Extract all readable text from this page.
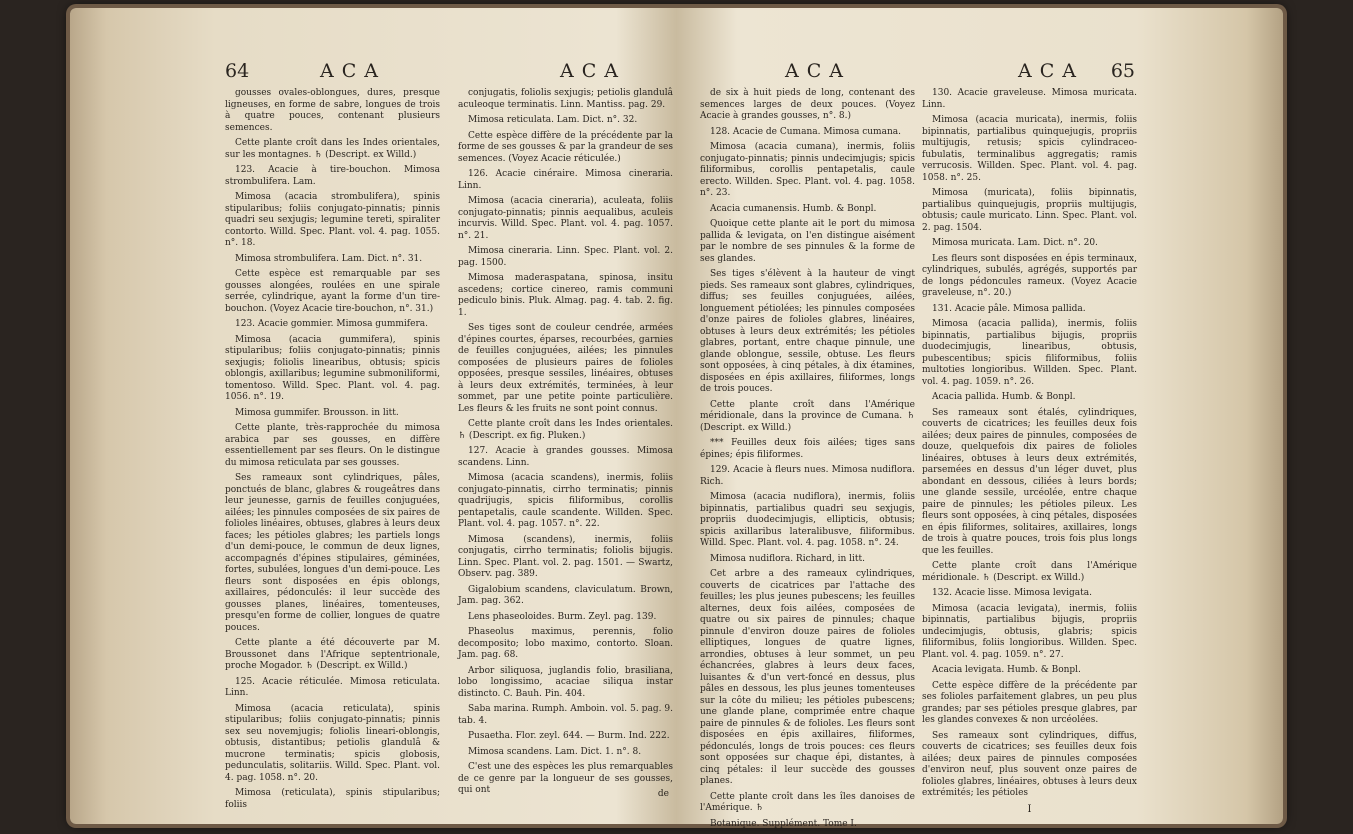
64	ACA	ACA

gousses ovales-oblongues, dures, presque ligneuses, en forme de sabre, longues de trois à quatre pouces, contenant plusieurs semences.

Cette plante croît dans les Indes orientales, sur les montagnes. ♄ (Descript. ex Willd.)

123. Acacie à tire-bouchon. Mimosa strombulifera. Lam.

Mimosa (acacia strombulifera), spinis stipularibus; foliis conjugato-pinnatis; pinnis quadri seu sexjugis; legumine tereti, spiraliter contorto. Willd. Spec. Plant. vol. 4. pag. 1055. n°. 18.

Mimosa strombulifera. Lam. Dict. n°. 31.

Cette espèce est remarquable par ses gousses alongées, roulées en une spirale serrée, cylindrique, ayant la forme d'un tire-bouchon. (Voyez Acacie tire-bouchon, n°. 31.)

123. Acacie gommier. Mimosa gummifera.

Mimosa (acacia gummifera), spinis stipularibus; foliis conjugato-pinnatis; pinnis sexjugis; foliolis linearibus, obtusis; spicis oblongis, axillaribus; legumine submoniliformi, tomentoso. Willd. Spec. Plant. vol. 4. pag. 1056. n°. 19.

Mimosa gummifer. Brousson. in litt.

Cette plante, très-rapprochée du mimosa arabica par ses gousses, en diffère essentiellement par ses fleurs. On le distingue du mimosa reticulata par ses gousses.

Ses rameaux sont cylindriques, pâles, ponctués de blanc, glabres & rougeâtres dans leur jeunesse, garnis de feuilles conjuguées, ailées; les pinnules composées de six paires de folioles linéaires, obtuses, glabres à leurs deux faces; les pétioles glabres; les partiels longs d'un demi-pouce, le commun de deux lignes, accompagnés d'épines stipulaires, géminées, fortes, subulées, longues d'un demi-pouce. Les fleurs sont disposées en épis oblongs, axillaires, pédonculés: il leur succède des gousses planes, linéaires, tomenteuses, presqu'en forme de collier, longues de quatre pouces.

Cette plante a été découverte par M. Broussonet dans l'Afrique septentrionale, proche Mogador. ♄ (Descript. ex Willd.)

125. Acacie réticulée. Mimosa reticulata. Linn.

Mimosa (acacia reticulata), spinis stipularibus; foliis conjugato-pinnatis; pinnis sex seu novemjugis; foliolis lineari-oblongis, obtusis, distantibus; petiolis glandulâ & mucrone terminatis; spicis globosis, pedunculatis, solitariis. Willd. Spec. Plant. vol. 4. pag. 1058. n°. 20.

Mimosa (reticulata), spinis stipularibus; foliis

conjugatis, foliolis sexjugis; petiolis glandulâ aculeoque terminatis. Linn. Mantiss. pag. 29.

Mimosa reticulata. Lam. Dict. n°. 32.

Cette espèce diffère de la précédente par la forme de ses gousses & par la grandeur de ses semences. (Voyez Acacie réticulée.)

126. Acacie cinéraire. Mimosa cineraria. Linn.

Mimosa (acacia cineraria), aculeata, foliis conjugato-pinnatis; pinnis aequalibus, aculeis incurvis. Willd. Spec. Plant. vol. 4. pag. 1057. n°. 21.

Mimosa cineraria. Linn. Spec. Plant. vol. 2. pag. 1500.

Mimosa maderaspatana, spinosa, insitu ascedens; cortice cinereo, ramis communi pediculo binis. Pluk. Almag. pag. 4. tab. 2. fig. 1.

Ses tiges sont de couleur cendrée, armées d'épines courtes, éparses, recourbées, garnies de feuilles conjuguées, ailées; les pinnules composées de plusieurs paires de folioles opposées, presque sessiles, linéaires, obtuses à leurs deux extrémités, terminées, à leur sommet, par une petite pointe particulière. Les fleurs & les fruits ne sont point connus.

Cette plante croît dans les Indes orientales. ♄ (Descript. ex fig. Pluken.)

127. Acacie à grandes gousses. Mimosa scandens. Linn.

Mimosa (acacia scandens), inermis, foliis conjugato-pinnatis, cirrho terminatis; pinnis quadrijugis, spicis filiformibus, corollis pentapetalis, caule scandente. Willden. Spec. Plant. vol. 4. pag. 1057. n°. 22.

Mimosa (scandens), inermis, foliis conjugatis, cirrho terminatis; foliolis bijugis. Linn. Spec. Plant. vol. 2. pag. 1501. — Swartz, Observ. pag. 389.

Gigalobium scandens, claviculatum. Brown, Jam. pag. 362.

Lens phaseoloides. Burm. Zeyl. pag. 139.

Phaseolus maximus, perennis, folio decomposito; lobo maximo, contorto. Sloan. Jam. pag. 68.

Arbor siliquosa, juglandis folio, brasiliana, lobo longissimo, acaciae siliqua instar distincto. C. Bauh. Pin. 404.

Saba marina. Rumph. Amboin. vol. 5. pag. 9. tab. 4.

Pusaetha. Flor. zeyl. 644. — Burm. Ind. 222.

Mimosa scandens. Lam. Dict. 1. n°. 8.

C'est une des espèces les plus remarquables de ce genre par la longueur de ses gousses, qui ont	de
ACA	ACA 65

de six à huit pieds de long, contenant des semences larges de deux pouces. (Voyez Acacie à grandes gousses, n°. 8.)

128. Acacie de Cumana. Mimosa cumana.

Mimosa (acacia cumana), inermis, foliis conjugato-pinnatis; pinnis undecimjugis; spicis filiformibus, corollis pentapetalis, caule erecto. Willden. Spec. Plant. vol. 4. pag. 1058. n°. 23.

Acacia cumanensis. Humb. & Bonpl.

Quoique cette plante ait le port du mimosa pallida & levigata, on l'en distingue aisément par le nombre de ses pinnules & la forme de ses glandes.

Ses tiges s'élèvent à la hauteur de vingt pieds. Ses rameaux sont glabres, cylindriques, diffus; ses feuilles conjuguées, ailées, longuement pétiolées; les pinnules composées d'onze paires de folioles glabres, linéaires, obtuses à leurs deux extrémités; les pétioles glabres, portant, entre chaque pinnule, une glande oblongue, sessile, obtuse. Les fleurs sont opposées, à cinq pétales, à dix étamines, disposées en épis axillaires, filiformes, longs de trois pouces.

Cette plante croît dans l'Amérique méridionale, dans la province de Cumana. ♄ (Descript. ex Willd.)

*** Feuilles deux fois ailées; tiges sans épines; épis filiformes.

129. Acacie à fleurs nues. Mimosa nudiflora. Rich.

Mimosa (acacia nudiflora), inermis, foliis bipinnatis, partialibus quadri seu sexjugis, propriis duodecimjugis, ellipticis, obtusis; spicis axillaribus lateralibusve, filiformibus. Willd. Spec. Plant. vol. 4. pag. 1058. n°. 24.

Mimosa nudiflora. Richard, in litt.

Cet arbre a des rameaux cylindriques, couverts de cicatrices par l'attache des feuilles; les plus jeunes pubescens; les feuilles alternes, deux fois ailées, composées de quatre ou six paires de pinnules; chaque pinnule d'environ douze paires de folioles elliptiques, longues de quatre lignes, arrondies, obtuses à leur sommet, un peu échancrées, glabres à leurs deux faces, luisantes & d'un vert-foncé en dessus, plus pâles en dessous, les plus jeunes tomenteuses sur la côte du milieu; les pétioles pubescens; une glande plane, comprimée entre chaque paire de pinnules & de folioles. Les fleurs sont disposées en épis axillaires, filiformes, pédonculés, longs de trois pouces: ces fleurs sont opposées sur chaque épi, distantes, à cinq pétales: il leur succède des gousses planes.

Cette plante croît dans les îles danoises de l'Amérique. ♄

Botanique. Supplément. Tome I.

130. Acacie graveleuse. Mimosa muricata. Linn.

Mimosa (acacia muricata), inermis, foliis bipinnatis, partialibus quinquejugis, propriis multijugis, retusis; spicis cylindraceo-fubulatis, terminalibus aggregatis; ramis verrucosis. Willden. Spec. Plant. vol. 4. pag. 1058. n°. 25.

Mimosa (muricata), foliis bipinnatis, partialibus quinquejugis, propriis multijugis, obtusis; caule muricato. Linn. Spec. Plant. vol. 2. pag. 1504.

Mimosa muricata. Lam. Dict. n°. 20.

Les fleurs sont disposées en épis terminaux, cylindriques, subulés, agrégés, supportés par de longs pédoncules rameux. (Voyez Acacie graveleuse, n°. 20.)

131. Acacie pâle. Mimosa pallida.

Mimosa (acacia pallida), inermis, foliis bipinnatis, partialibus bijugis, propriis duodecimjugis, linearibus, obtusis, pubescentibus; spicis filiformibus, foliis multoties longioribus. Willden. Spec. Plant. vol. 4. pag. 1059. n°. 26.

Acacia pallida. Humb. & Bonpl.

Ses rameaux sont étalés, cylindriques, couverts de cicatrices; les feuilles deux fois ailées; deux paires de pinnules, composées de douze, quelquefois dix paires de folioles linéaires, obtuses à leurs deux extrémités, parsemées en dessus d'un léger duvet, plus abondant en dessous, ciliées à leurs bords; une glande sessile, urcéolée, entre chaque paire de pinnules; les pétioles pileux. Les fleurs sont opposées, à cinq pétales, disposées en épis filiformes, solitaires, axillaires, longs de trois à quatre pouces, trois fois plus longs que les feuilles.

Cette plante croît dans l'Amérique méridionale. ♄ (Descript. ex Willd.)

132. Acacie lisse. Mimosa levigata.

Mimosa (acacia levigata), inermis, foliis bipinnatis, partialibus bijugis, propriis undecimjugis, obtusis, glabris; spicis filiformibus, foliis longioribus. Willden. Spec. Plant. vol. 4. pag. 1059. n°. 27.

Acacia levigata. Humb. & Bonpl.

Cette espèce diffère de la précédente par ses folioles parfaitement glabres, un peu plus grandes; par ses pétioles presque glabres, par les glandes convexes & non urcéolées.

Ses rameaux sont cylindriques, diffus, couverts de cicatrices; ses feuilles deux fois ailées; deux paires de pinnules composées d'environ neuf, plus souvent onze paires de folioles glabres, linéaires, obtuses à leurs deux extrémités; les pétioles

I
